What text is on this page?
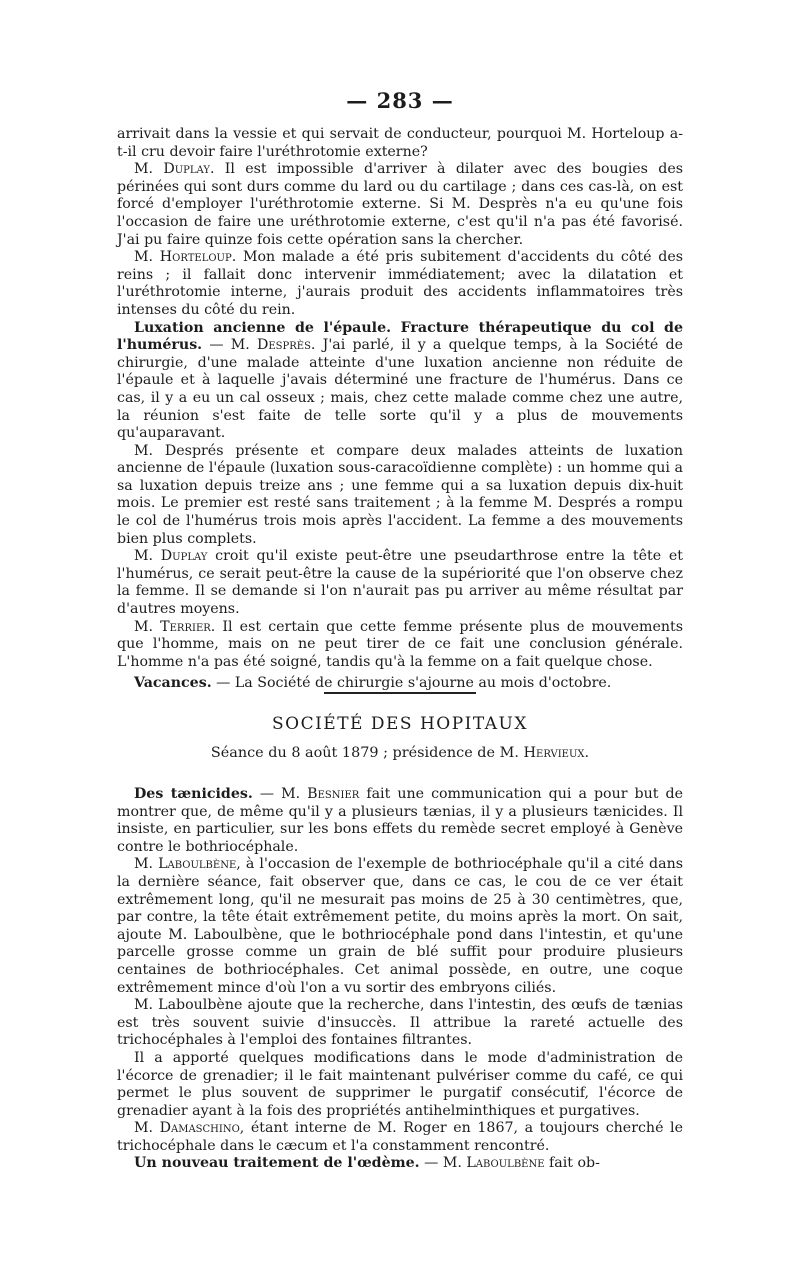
— 283 —

arrivait dans la vessie et qui servait de conducteur, pourquoi M. Horteloup a-t-il cru devoir faire l'uréthrotomie externe?

M. Duplay. Il est impossible d'arriver à dilater avec des bougies des périnées qui sont durs comme du lard ou du cartilage ; dans ces cas-là, on est forcé d'employer l'uréthrotomie externe. Si M. Desprès n'a eu qu'une fois l'occasion de faire une uréthrotomie externe, c'est qu'il n'a pas été favorisé. J'ai pu faire quinze fois cette opération sans la chercher.

M. Horteloup. Mon malade a été pris subitement d'accidents du côté des reins ; il fallait donc intervenir immédiatement; avec la dilatation et l'uréthrotomie interne, j'aurais produit des accidents inflammatoires très intenses du côté du rein.

Luxation ancienne de l'épaule. Fracture thérapeutique du col de l'humérus. — M. Desprès. J'ai parlé, il y a quelque temps, à la Société de chirurgie, d'une malade atteinte d'une luxation ancienne non réduite de l'épaule et à laquelle j'avais déterminé une fracture de l'humérus. Dans ce cas, il y a eu un cal osseux ; mais, chez cette malade comme chez une autre, la réunion s'est faite de telle sorte qu'il y a plus de mouvements qu'auparavant.

M. Després présente et compare deux malades atteints de luxation ancienne de l'épaule (luxation sous-caracoïdienne complète) : un homme qui a sa luxation depuis treize ans ; une femme qui a sa luxation depuis dix-huit mois. Le premier est resté sans traitement ; à la femme M. Després a rompu le col de l'humérus trois mois après l'accident. La femme a des mouvements bien plus complets.

M. Duplay croit qu'il existe peut-être une pseudarthrose entre la tête et l'humérus, ce serait peut-être la cause de la supériorité que l'on observe chez la femme. Il se demande si l'on n'aurait pas pu arriver au même résultat par d'autres moyens.

M. Terrier. Il est certain que cette femme présente plus de mouvements que l'homme, mais on ne peut tirer de ce fait une conclusion générale. L'homme n'a pas été soigné, tandis qu'à la femme on a fait quelque chose.

Vacances. — La Société de chirurgie s'ajourne au mois d'octobre.

SOCIÉTÉ DES HOPITAUX
Séance du 8 août 1879 ; présidence de M. Hervieux.

Des tænicides. — M. Besnier fait une communication qui a pour but de montrer que, de même qu'il y a plusieurs tænias, il y a plusieurs tænicides. Il insiste, en particulier, sur les bons effets du remède secret employé à Genève contre le bothriocéphale.

M. Laboulbène, à l'occasion de l'exemple de bothriocéphale qu'il a cité dans la dernière séance, fait observer que, dans ce cas, le cou de ce ver était extrêmement long, qu'il ne mesurait pas moins de 25 à 30 centimètres, que, par contre, la tête était extrêmement petite, du moins après la mort. On sait, ajoute M. Laboulbène, que le bothriocéphale pond dans l'intestin, et qu'une parcelle grosse comme un grain de blé suffit pour produire plusieurs centaines de bothriocéphales. Cet animal possède, en outre, une coque extrêmement mince d'où l'on a vu sortir des embryons ciliés.

M. Laboulbène ajoute que la recherche, dans l'intestin, des œufs de tænias est très souvent suivie d'insuccès. Il attribue la rareté actuelle des trichocéphales à l'emploi des fontaines filtrantes.

Il a apporté quelques modifications dans le mode d'administration de l'écorce de grenadier; il le fait maintenant pulvériser comme du café, ce qui permet le plus souvent de supprimer le purgatif consécutif, l'écorce de grenadier ayant à la fois des propriétés antihelminthiques et purgatives.

M. Damaschino, étant interne de M. Roger en 1867, a toujours cherché le trichocéphale dans le cæcum et l'a constamment rencontré.

Un nouveau traitement de l'œdème. — M. Laboulbène fait ob-
